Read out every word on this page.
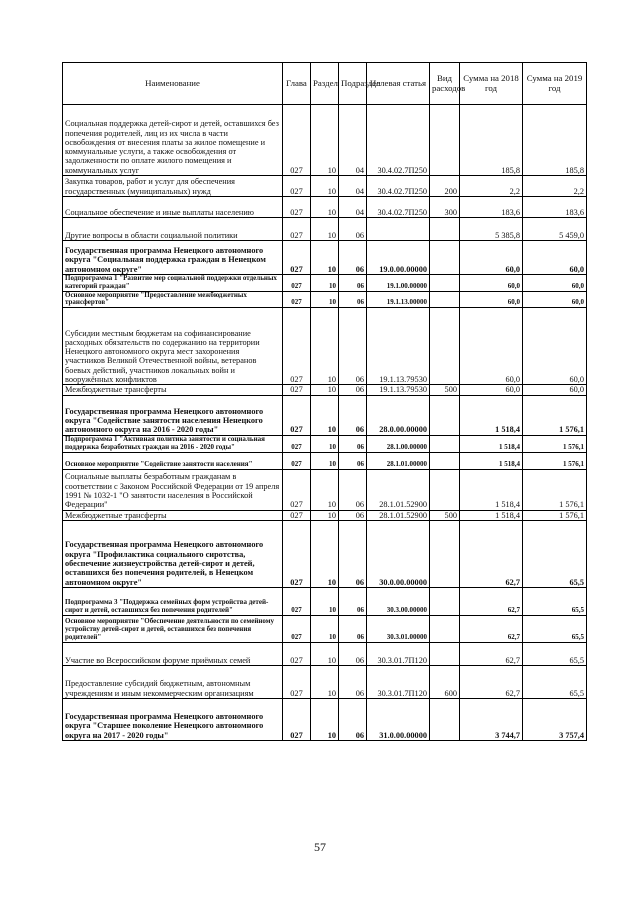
Наименование	Глава	Раздел	Подраздел	Целевая статья	Вид расходов	Сумма на 2018 год	Сумма на 2019 год
Социальная поддержка детей-сирот и детей, оставшихся без попечения родителей, лиц из их числа в части освобождения от внесения платы за жилое помещение и коммунальные услуги, а также освобождения от задолженности по оплате жилого помещения и коммунальных услуг	027	10	04	30.4.02.7П250		185,8	185,8
Закупка товаров, работ и услуг для обеспечения государственных (муниципальных) нужд	027	10	04	30.4.02.7П250	200	2,2	2,2
Социальное обеспечение и иные выплаты населению	027	10	04	30.4.02.7П250	300	183,6	183,6
Другие вопросы в области социальной политики	027	10	06			5 385,8	5 459,0
Государственная программа Ненецкого автономного округа "Социальная поддержка граждан в Ненецком автономном округе"	027	10	06	19.0.00.00000		60,0	60,0
Подпрограмма 1 "Развитие мер социальной поддержки отдельных категорий граждан"	027	10	06	19.1.00.00000		60,0	60,0
Основное мероприятие "Предоставление межбюджетных трансфертов"	027	10	06	19.1.13.00000		60,0	60,0
Субсидии местным бюджетам на софинансирование расходных обязательств по содержанию на территории Ненецкого автономного округа мест захоронения участников Великой Отечественной войны, ветеранов боевых действий, участников локальных войн и вооружённых конфликтов	027	10	06	19.1.13.79530		60,0	60,0
Межбюджетные трансферты	027	10	06	19.1.13.79530	500	60,0	60,0
Государственная программа Ненецкого автономного округа "Содействие занятости населения Ненецкого автономного округа на 2016 - 2020 годы"	027	10	06	28.0.00.00000		1 518,4	1 576,1
Подпрограмма 1 "Активная политика занятости и социальная поддержка безработных граждан на 2016 - 2020 годы"	027	10	06	28.1.00.00000		1 518,4	1 576,1
Основное мероприятие "Содействие занятости населения"	027	10	06	28.1.01.00000		1 518,4	1 576,1
Социальные выплаты безработным гражданам в соответствии с Законом Российской Федерации от 19 апреля 1991 № 1032-1 "О занятости населения в Российской Федерации"	027	10	06	28.1.01.52900		1 518,4	1 576,1
Межбюджетные трансферты	027	10	06	28.1.01.52900	500	1 518,4	1 576,1
Государственная программа Ненецкого автономного округа "Профилактика социального сиротства, обеспечение жизнеустройства детей-сирот и детей, оставшихся без попечения родителей, в Ненецком автономном округе"	027	10	06	30.0.00.00000		62,7	65,5
Подпрограмма 3 "Поддержка семейных форм устройства детей-сирот и детей, оставшихся без попечения родителей"	027	10	06	30.3.00.00000		62,7	65,5
Основное мероприятие "Обеспечение деятельности по семейному устройству детей-сирот и детей, оставшихся без попечения родителей"	027	10	06	30.3.01.00000		62,7	65,5
Участие во Всероссийском форуме приёмных семей	027	10	06	30.3.01.7П120		62,7	65,5
Предоставление субсидий бюджетным, автономным учреждениям и иным некоммерческим организациям	027	10	06	30.3.01.7П120	600	62,7	65,5
Государственная программа Ненецкого автономного округа "Старшее поколение Ненецкого автономного округа на 2017 - 2020 годы"	027	10	06	31.0.00.00000		3 744,7	3 757,4
57
